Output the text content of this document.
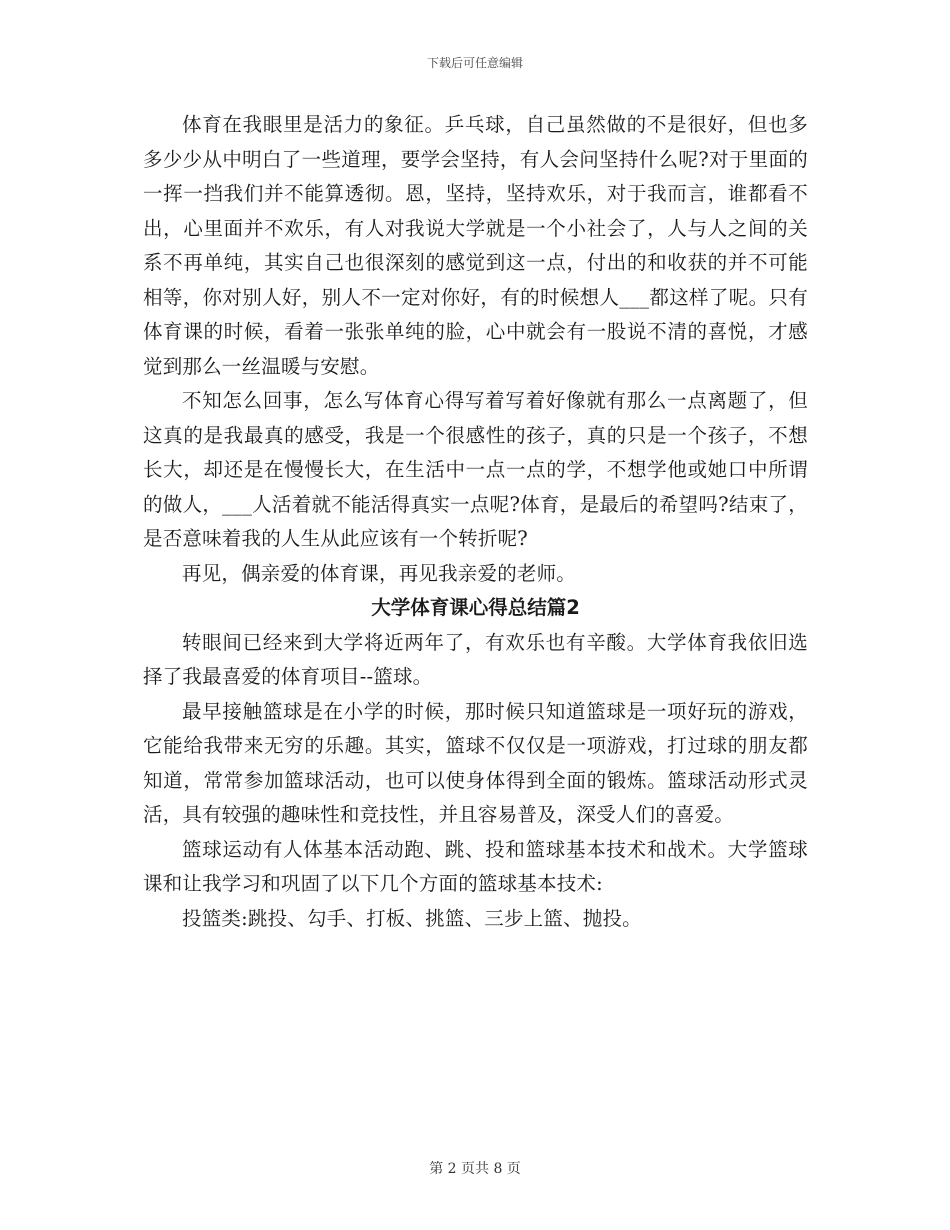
下载后可任意编辑

体育在我眼里是活力的象征。乒乓球，自己虽然做的不是很好，但也多多少少从中明白了一些道理，要学会坚持，有人会问坚持什么呢?对于里面的一挥一挡我们并不能算透彻。恩，坚持，坚持欢乐，对于我而言，谁都看不出，心里面并不欢乐，有人对我说大学就是一个小社会了，人与人之间的关系不再单纯，其实自己也很深刻的感觉到这一点，付出的和收获的并不可能相等，你对别人好，别人不一定对你好，有的时候想人___都这样了呢。只有体育课的时候，看着一张张单纯的脸，心中就会有一股说不清的喜悦，才感觉到那么一丝温暖与安慰。

不知怎么回事，怎么写体育心得写着写着好像就有那么一点离题了，但这真的是我最真的感受，我是一个很感性的孩子，真的只是一个孩子，不想长大，却还是在慢慢长大，在生活中一点一点的学，不想学他或她口中所谓的做人，___人活着就不能活得真实一点呢?体育，是最后的希望吗?结束了，是否意味着我的人生从此应该有一个转折呢?

再见，偶亲爱的体育课，再见我亲爱的老师。

大学体育课心得总结篇2

转眼间已经来到大学将近两年了，有欢乐也有辛酸。大学体育我依旧选择了我最喜爱的体育项目--篮球。

最早接触篮球是在小学的时候，那时候只知道篮球是一项好玩的游戏，它能给我带来无穷的乐趣。其实，篮球不仅仅是一项游戏，打过球的朋友都知道，常常参加篮球活动，也可以使身体得到全面的锻炼。篮球活动形式灵活，具有较强的趣味性和竞技性，并且容易普及，深受人们的喜爱。

篮球运动有人体基本活动跑、跳、投和篮球基本技术和战术。大学篮球课和让我学习和巩固了以下几个方面的篮球基本技术:

投篮类:跳投、勾手、打板、挑篮、三步上篮、抛投。

第 2 页共 8 页
